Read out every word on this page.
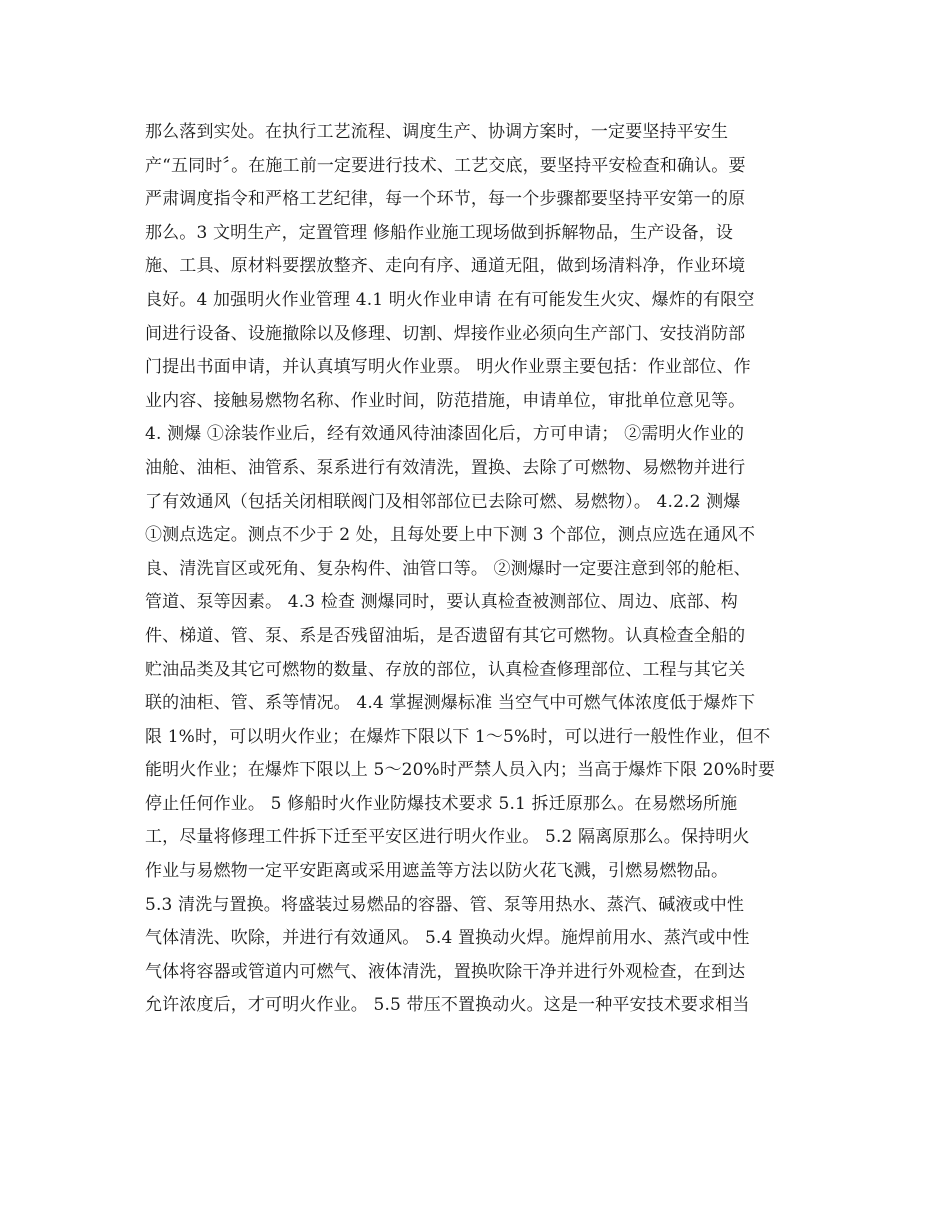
那么落到实处。在执行工艺流程、调度生产、协调方案时，一定要坚持平安生
产“五同时〞。在施工前一定要进行技术、工艺交底，要坚持平安检查和确认。要
严肃调度指令和严格工艺纪律，每一个环节，每一个步骤都要坚持平安第一的原
那么。3 文明生产，定置管理 修船作业施工现场做到拆解物品，生产设备，设
施、工具、原材料要摆放整齐、走向有序、通道无阻，做到场清料净，作业环境
良好。4 加强明火作业管理 4.1 明火作业申请 在有可能发生火灾、爆炸的有限空
间进行设备、设施撤除以及修理、切割、焊接作业必须向生产部门、安技消防部
门提出书面申请，并认真填写明火作业票。 明火作业票主要包括：作业部位、作
业内容、接触易燃物名称、作业时间，防范措施，申请单位，审批单位意见等。
4. 测爆 ①涂装作业后，经有效通风待油漆固化后，方可申请； ②需明火作业的
油舱、油柜、油管系、泵系进行有效清洗，置换、去除了可燃物、易燃物并进行
了有效通风（包括关闭相联阀门及相邻部位已去除可燃、易燃物）。 4.2.2 测爆
①测点选定。测点不少于 2 处，且每处要上中下测 3 个部位，测点应选在通风不
良、清洗盲区或死角、复杂构件、油管口等。 ②测爆时一定要注意到邻的舱柜、
管道、泵等因素。 4.3 检查 测爆同时，要认真检查被测部位、周边、底部、构
件、梯道、管、泵、系是否残留油垢，是否遗留有其它可燃物。认真检查全船的
贮油品类及其它可燃物的数量、存放的部位，认真检查修理部位、工程与其它关
联的油柜、管、系等情况。 4.4 掌握测爆标准 当空气中可燃气体浓度低于爆炸下
限 1%时，可以明火作业；在爆炸下限以下 1～5%时，可以进行一般性作业，但不
能明火作业；在爆炸下限以上 5～20%时严禁人员入内；当高于爆炸下限 20%时要
停止任何作业。 5 修船时火作业防爆技术要求 5.1 拆迁原那么。在易燃场所施
工，尽量将修理工件拆下迁至平安区进行明火作业。 5.2 隔离原那么。保持明火
作业与易燃物一定平安距离或采用遮盖等方法以防火花飞溅，引燃易燃物品。
5.3 清洗与置换。将盛装过易燃品的容器、管、泵等用热水、蒸汽、碱液或中性
气体清洗、吹除，并进行有效通风。 5.4 置换动火焊。施焊前用水、蒸汽或中性
气体将容器或管道内可燃气、液体清洗，置换吹除干净并进行外观检查，在到达
允许浓度后，才可明火作业。 5.5 带压不置换动火。这是一种平安技术要求相当
